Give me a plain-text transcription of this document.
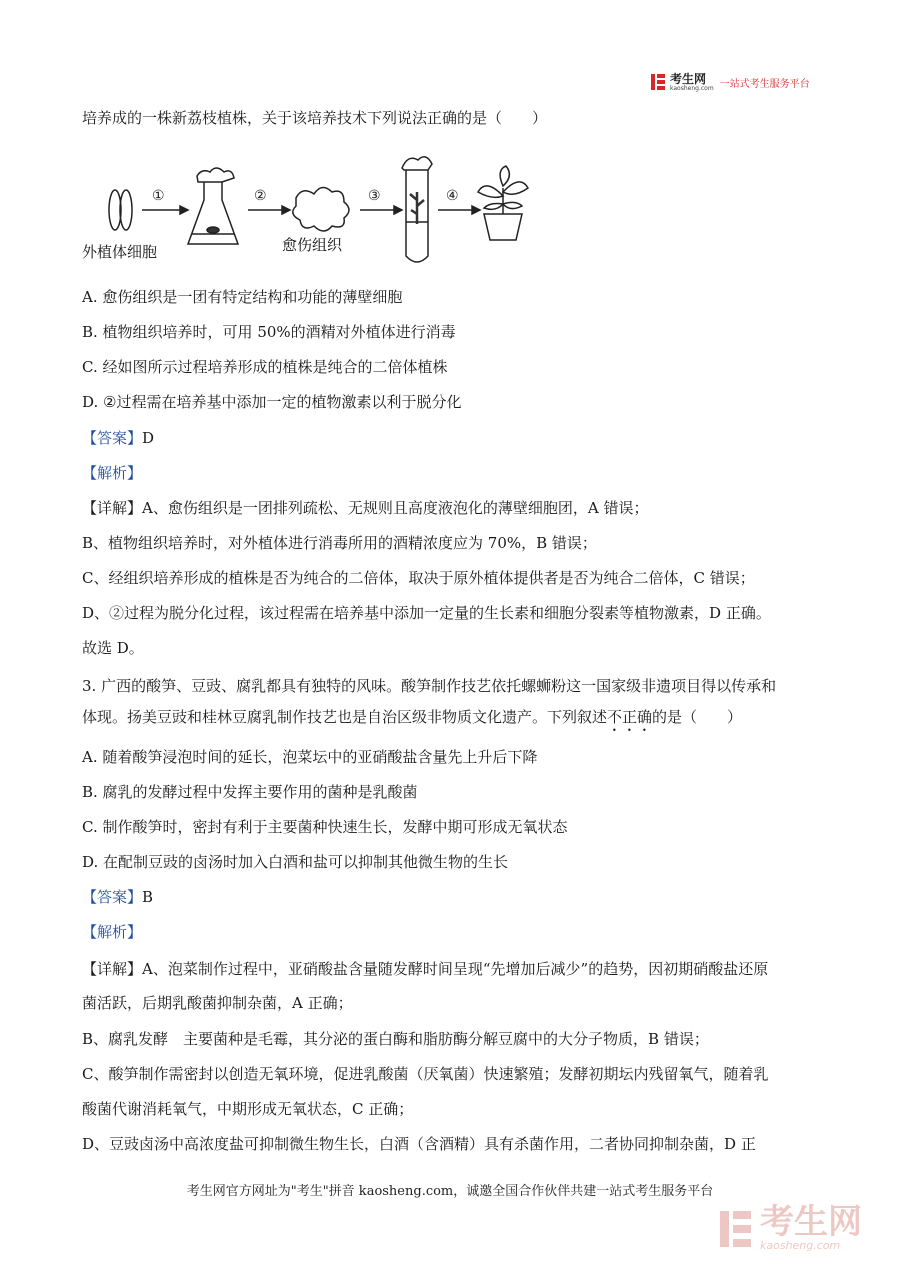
考生网
kaosheng.com 一站式考生服务平台
培养成的一株新荔枝植株，关于该培养技术下列说法正确的是（　　）
①	②	③	④
外植体细胞	愈伤组织
A. 愈伤组织是一团有特定结构和功能的薄壁细胞
B. 植物组织培养时，可用 50%的酒精对外植体进行消毒
C. 经如图所示过程培养形成的植株是纯合的二倍体植株
D. ②过程需在培养基中添加一定的植物激素以利于脱分化
【答案】D
【解析】
【详解】A、愈伤组织是一团排列疏松、无规则且高度液泡化的薄壁细胞团，A 错误；
B、植物组织培养时，对外植体进行消毒所用的酒精浓度应为 70%，B 错误；
C、经组织培养形成的植株是否为纯合的二倍体，取决于原外植体提供者是否为纯合二倍体，C 错误；
D、②过程为脱分化过程，该过程需在培养基中添加一定量的生长素和细胞分裂素等植物激素，D 正确。
故选 D。
3. 广西的酸笋、豆豉、腐乳都具有独特的风味。酸笋制作技艺依托螺蛳粉这一国家级非遗项目得以传承和
体现。扬美豆豉和桂林豆腐乳制作技艺也是自治区级非物质文化遗产。下列叙述不正确的是（　　）
A. 随着酸笋浸泡时间的延长，泡菜坛中的亚硝酸盐含量先上升后下降
B. 腐乳的发酵过程中发挥主要作用的菌种是乳酸菌
C. 制作酸笋时，密封有利于主要菌种快速生长，发酵中期可形成无氧状态
D. 在配制豆豉的卤汤时加入白酒和盐可以抑制其他微生物的生长
【答案】B
【解析】
【详解】A、泡菜制作过程中，亚硝酸盐含量随发酵时间呈现“先增加后减少”的趋势，因初期硝酸盐还原
菌活跃，后期乳酸菌抑制杂菌，A 正确；
B、腐乳发酵　主要菌种是毛霉，其分泌的蛋白酶和脂肪酶分解豆腐中的大分子物质，B 错误；
C、酸笋制作需密封以创造无氧环境，促进乳酸菌（厌氧菌）快速繁殖；发酵初期坛内残留氧气，随着乳
酸菌代谢消耗氧气，中期形成无氧状态，C 正确；
D、豆豉卤汤中高浓度盐可抑制微生物生长，白酒（含酒精）具有杀菌作用，二者协同抑制杂菌，D 正
考生网官方网址为"考生"拼音 kaosheng.com，诚邀全国合作伙伴共建一站式考生服务平台
考生网
kaosheng.com
